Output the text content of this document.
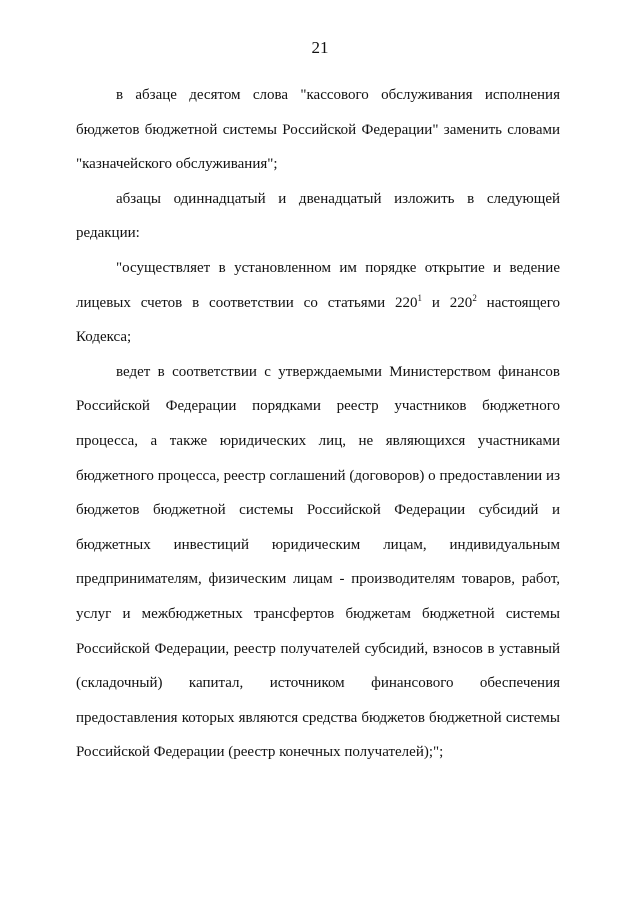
21

в абзаце десятом слова "кассового обслуживания исполнения
бюджетов бюджетной системы Российской Федерации" заменить словами
"казначейского обслуживания";

абзацы одиннадцатый и двенадцатый изложить в следующей
редакции:

"осуществляет в установленном им порядке открытие и ведение
лицевых счетов в соответствии со статьями $220^1$ и $220^2$ настоящего
Кодекса;

ведет в соответствии с утверждаемыми Министерством финансов
Российской Федерации порядками реестр участников бюджетного
процесса, а также юридических лиц, не являющихся участниками
бюджетного процесса, реестр соглашений (договоров) о предоставлении из
бюджетов бюджетной системы Российской Федерации субсидий и
бюджетных инвестиций юридическим лицам, индивидуальным
предпринимателям, физическим лицам - производителям товаров, работ,
услуг и межбюджетных трансфертов бюджетам бюджетной системы
Российской Федерации, реестр получателей субсидий, взносов в уставный
(складочный) капитал, источником финансового обеспечения
предоставления которых являются средства бюджетов бюджетной системы
Российской Федерации (реестр конечных получателей);";
